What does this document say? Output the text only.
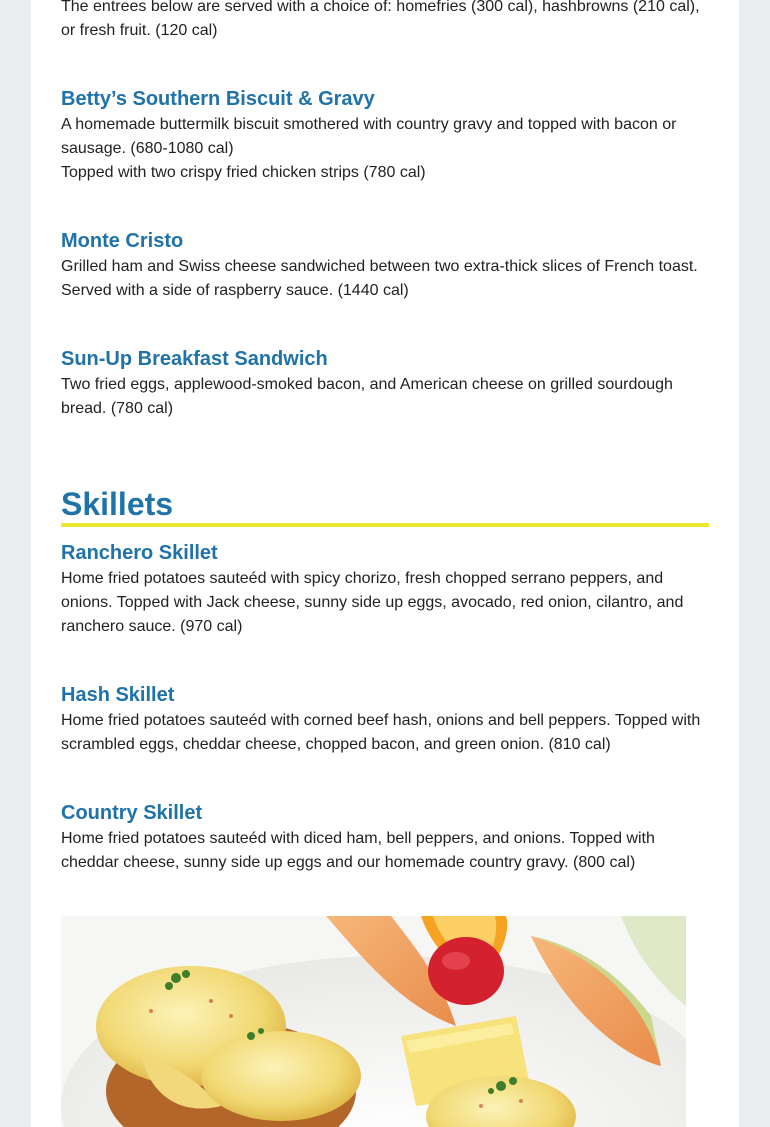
The entrees below are served with a choice of: homefries (300 cal), hashbrowns (210 cal), or fresh fruit. (120 cal)
Betty’s Southern Biscuit & Gravy
A homemade buttermilk biscuit smothered with country gravy and topped with bacon or sausage. (680-1080 cal)
Topped with two crispy fried chicken strips (780 cal)
Monte Cristo
Grilled ham and Swiss cheese sandwiched between two extra-thick slices of French toast. Served with a side of raspberry sauce. (1440 cal)
Sun-Up Breakfast Sandwich
Two fried eggs, applewood-smoked bacon, and American cheese on grilled sourdough bread. (780 cal)
Skillets
Ranchero Skillet
Home fried potatoes sauteéd with spicy chorizo, fresh chopped serrano peppers, and onions. Topped with Jack cheese, sunny side up eggs, avocado, red onion, cilantro, and ranchero sauce. (970 cal)
Hash Skillet
Home fried potatoes sauteéd with corned beef hash, onions and bell peppers. Topped with scrambled eggs, cheddar cheese, chopped bacon, and green onion. (810 cal)
Country Skillet
Home fried potatoes sauteéd with diced ham, bell peppers, and onions. Topped with cheddar cheese, sunny side up eggs and our homemade country gravy. (800 cal)
